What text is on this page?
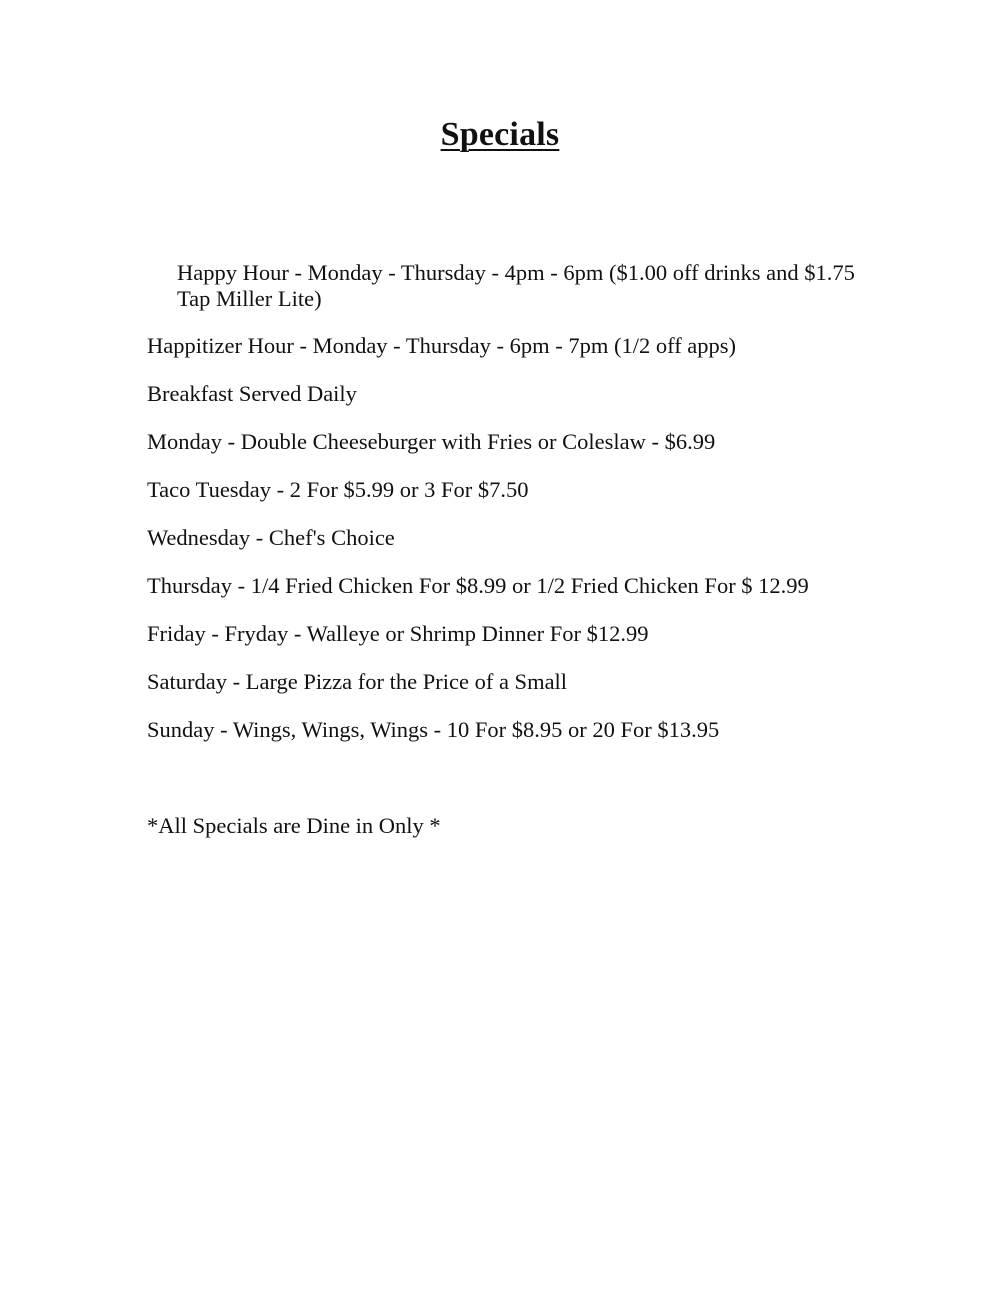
Specials

Happy Hour - Monday - Thursday - 4pm - 6pm ($1.00 off drinks and $1.75 Tap Miller Lite)

Happitizer Hour - Monday - Thursday - 6pm - 7pm (1/2 off apps)

Breakfast Served Daily

Monday - Double Cheeseburger with Fries or Coleslaw - $6.99

Taco Tuesday - 2 For $5.99 or 3 For $7.50

Wednesday - Chef's Choice

Thursday - 1/4 Fried Chicken For $8.99 or 1/2 Fried Chicken For $ 12.99

Friday - Fryday - Walleye or Shrimp Dinner For $12.99

Saturday - Large Pizza for the Price of a Small

Sunday - Wings, Wings, Wings - 10 For $8.95 or 20 For $13.95

*All Specials are Dine in Only *
